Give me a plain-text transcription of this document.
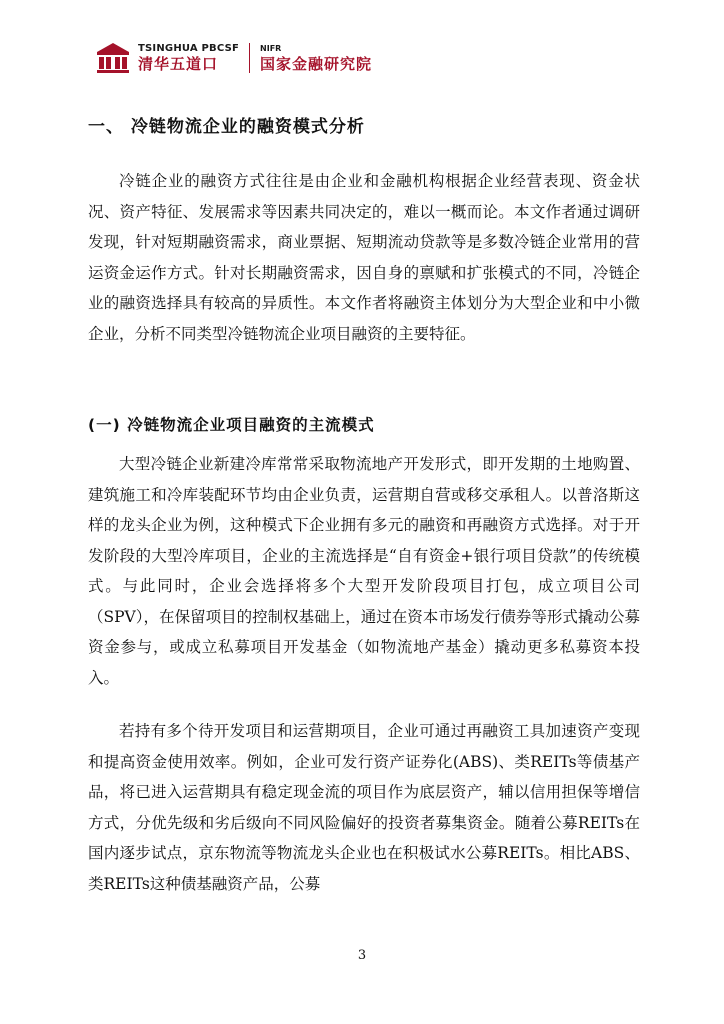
TSINGHUA PBCSF
清华五道口
NIFR
国家金融研究院
一、 冷链物流企业的融资模式分析

冷链企业的融资方式往往是由企业和金融机构根据企业经营表现、资金状况、资产特征、发展需求等因素共同决定的，难以一概而论。本文作者通过调研发现，针对短期融资需求，商业票据、短期流动贷款等是多数冷链企业常用的营运资金运作方式。针对长期融资需求，因自身的禀赋和扩张模式的不同，冷链企业的融资选择具有较高的异质性。本文作者将融资主体划分为大型企业和中小微企业，分析不同类型冷链物流企业项目融资的主要特征。

(一) 冷链物流企业项目融资的主流模式

大型冷链企业新建冷库常常采取物流地产开发形式，即开发期的土地购置、建筑施工和冷库装配环节均由企业负责，运营期自营或移交承租人。以普洛斯这样的龙头企业为例，这种模式下企业拥有多元的融资和再融资方式选择。对于开发阶段的大型冷库项目，企业的主流选择是“自有资金+银行项目贷款”的传统模式。与此同时，企业会选择将多个大型开发阶段项目打包，成立项目公司（SPV），在保留项目的控制权基础上，通过在资本市场发行债券等形式撬动公募资金参与，或成立私募项目开发基金（如物流地产基金）撬动更多私募资本投入。

若持有多个待开发项目和运营期项目，企业可通过再融资工具加速资产变现和提高资金使用效率。例如，企业可发行资产证券化(ABS)、类REITs等债基产品，将已进入运营期具有稳定现金流的项目作为底层资产，辅以信用担保等增信方式，分优先级和劣后级向不同风险偏好的投资者募集资金。随着公募REITs在国内逐步试点，京东物流等物流龙头企业也在积极试水公募REITs。相比ABS、类REITs这种债基融资产品，公募

3
